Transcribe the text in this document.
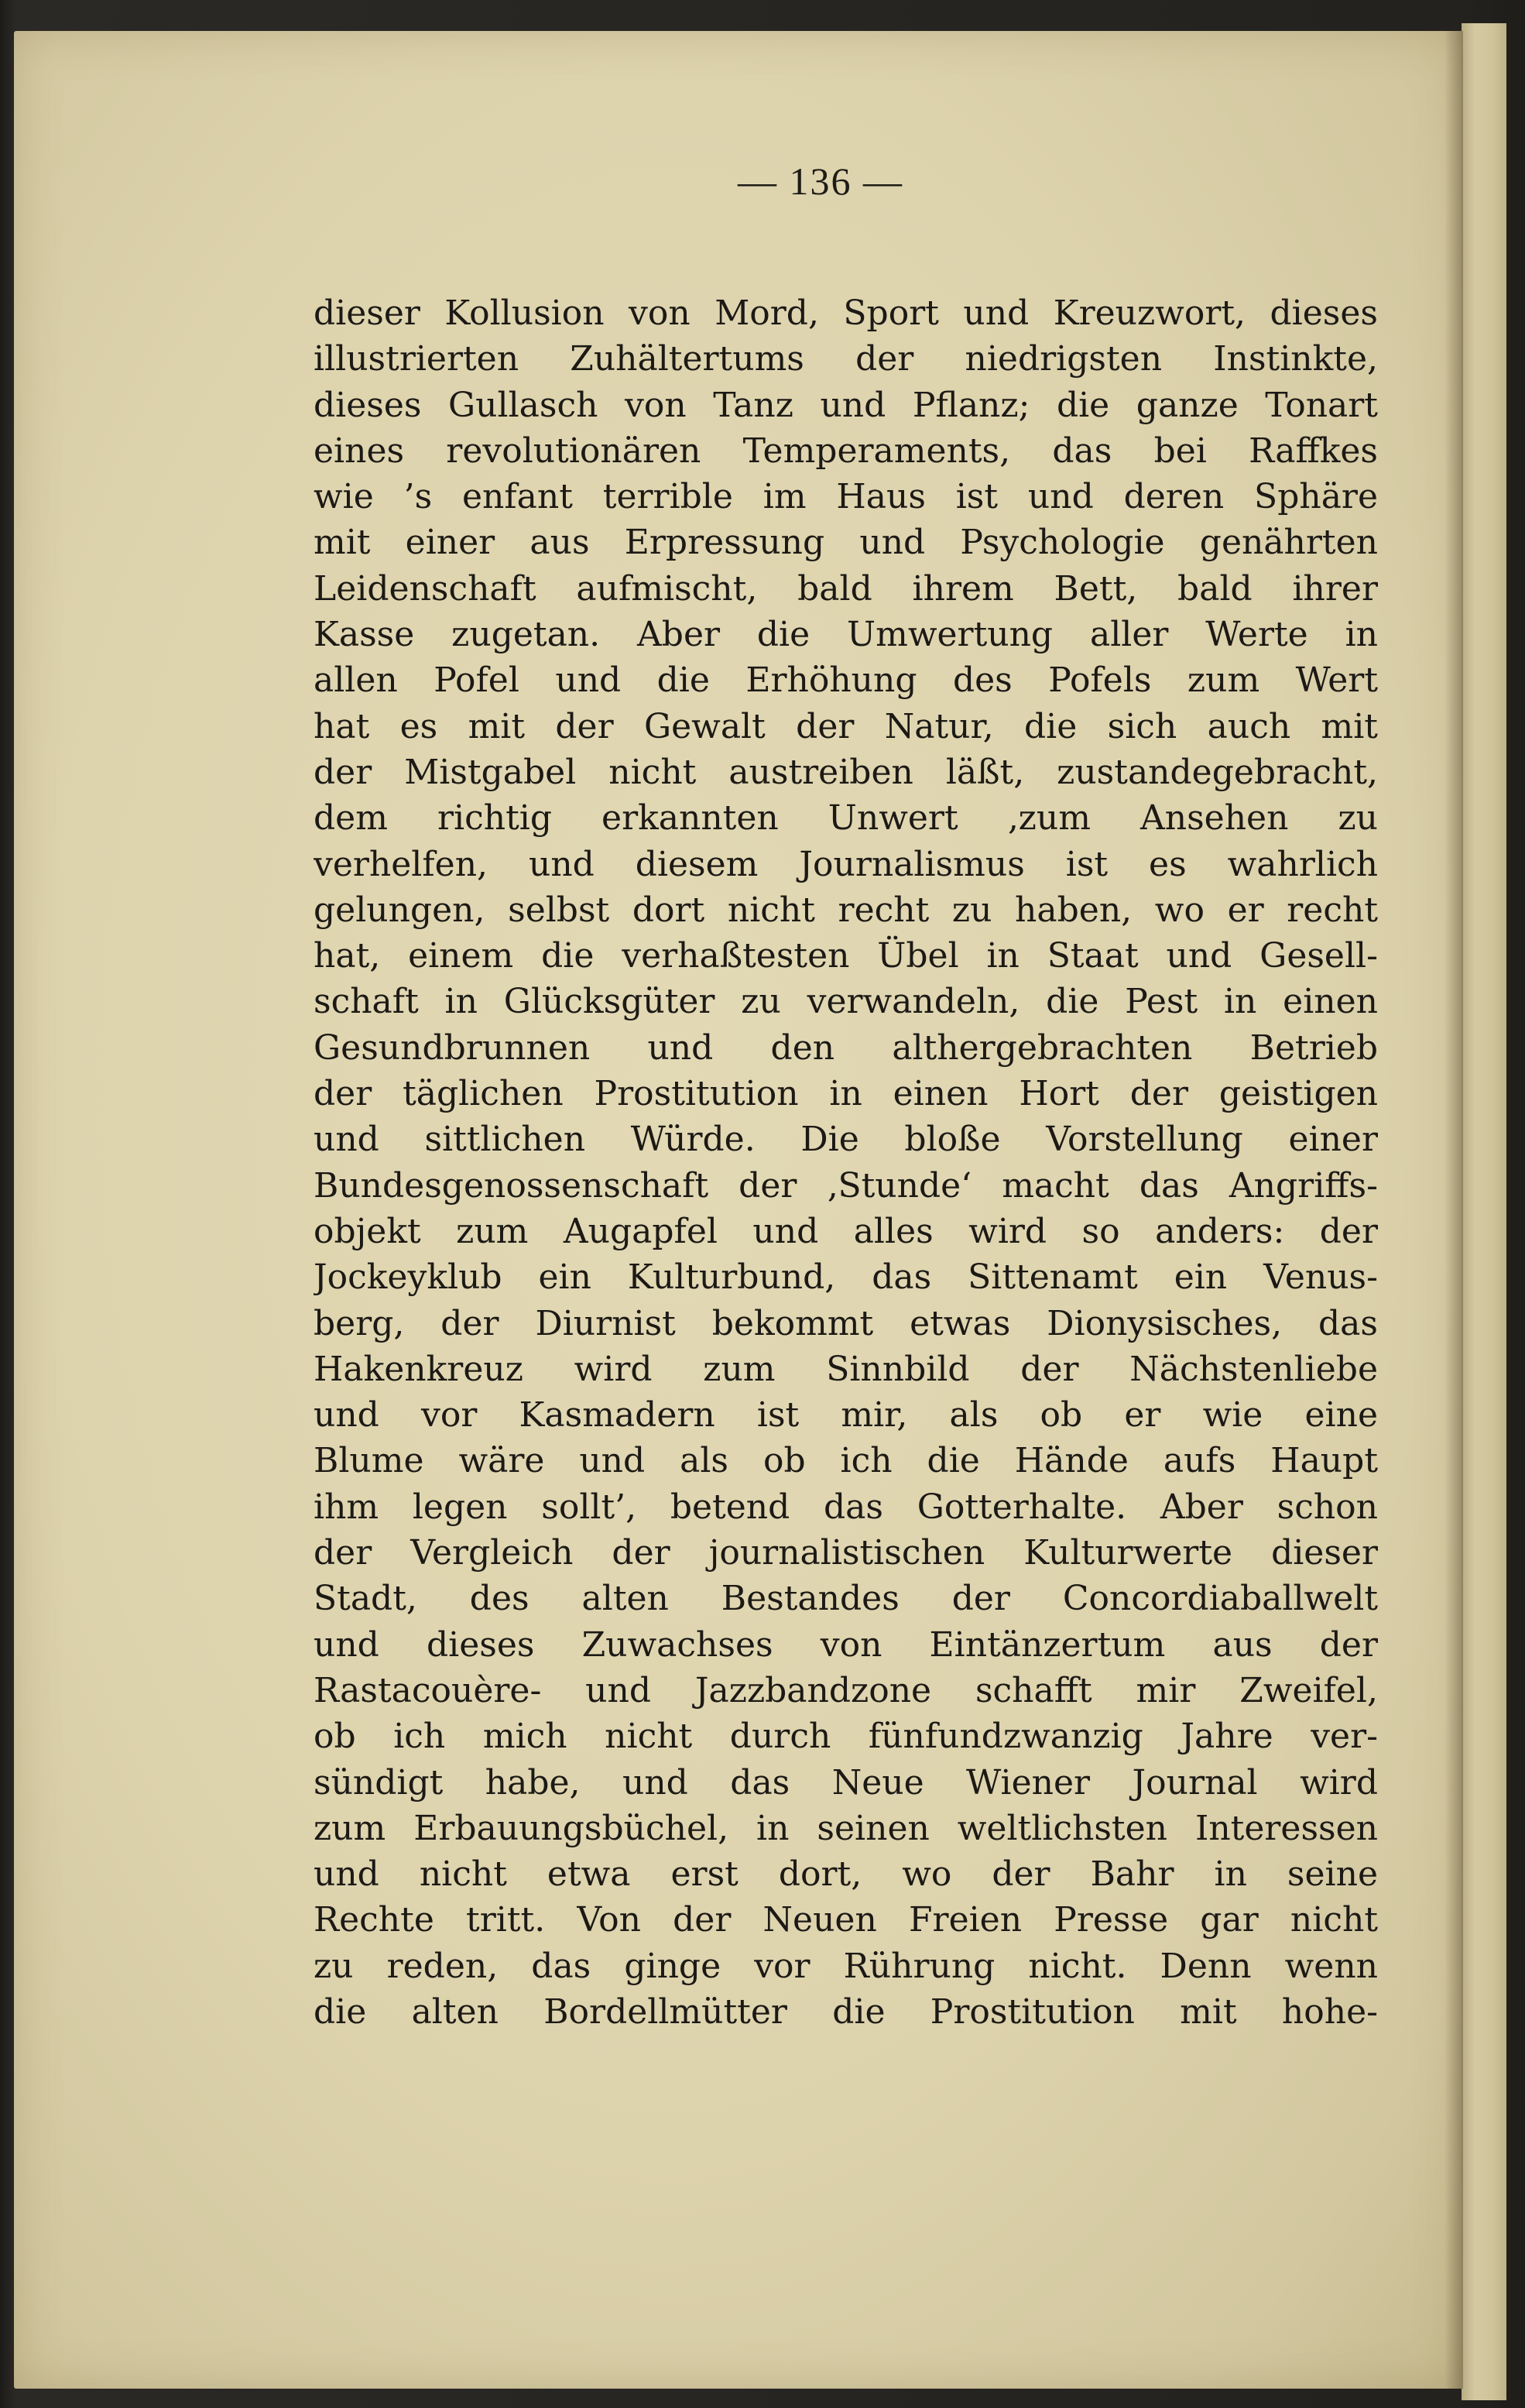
— 136 —
dieser Kollusion von Mord, Sport und Kreuzwort, dieses
illustrierten Zuhältertums der niedrigsten Instinkte,
dieses Gullasch von Tanz und Pflanz; die ganze Tonart
eines revolutionären Temperaments, das bei Raffkes
wie ’s enfant terrible im Haus ist und deren Sphäre
mit einer aus Erpressung und Psychologie genährten
Leidenschaft aufmischt, bald ihrem Bett, bald ihrer
Kasse zugetan. Aber die Umwertung aller Werte in
allen Pofel und die Erhöhung des Pofels zum Wert
hat es mit der Gewalt der Natur, die sich auch mit
der Mistgabel nicht austreiben läßt, zustandegebracht,
dem richtig erkannten Unwert ‚zum Ansehen zu
verhelfen, und diesem Journalismus ist es wahrlich
gelungen, selbst dort nicht recht zu haben, wo er recht
hat, einem die verhaßtesten Übel in Staat und Gesell-
schaft in Glücksgüter zu verwandeln, die Pest in einen
Gesundbrunnen und den althergebrachten Betrieb
der täglichen Prostitution in einen Hort der geistigen
und sittlichen Würde. Die bloße Vorstellung einer
Bundesgenossenschaft der ‚Stunde‘ macht das Angriffs-
objekt zum Augapfel und alles wird so anders: der
Jockeyklub ein Kulturbund, das Sittenamt ein Venus-
berg, der Diurnist bekommt etwas Dionysisches, das
Hakenkreuz wird zum Sinnbild der Nächstenliebe
und vor Kasmadern ist mir, als ob er wie eine
Blume wäre und als ob ich die Hände aufs Haupt
ihm legen sollt’, betend das Gotterhalte. Aber schon
der Vergleich der journalistischen Kulturwerte dieser
Stadt, des alten Bestandes der Concordiaballwelt
und dieses Zuwachses von Eintänzertum aus der
Rastacouère- und Jazzbandzone schafft mir Zweifel,
ob ich mich nicht durch fünfundzwanzig Jahre ver-
sündigt habe, und das Neue Wiener Journal wird
zum Erbauungsbüchel, in seinen weltlichsten Interessen
und nicht etwa erst dort, wo der Bahr in seine
Rechte tritt. Von der Neuen Freien Presse gar nicht
zu reden, das ginge vor Rührung nicht. Denn wenn
die alten Bordellmütter die Prostitution mit hohe-
